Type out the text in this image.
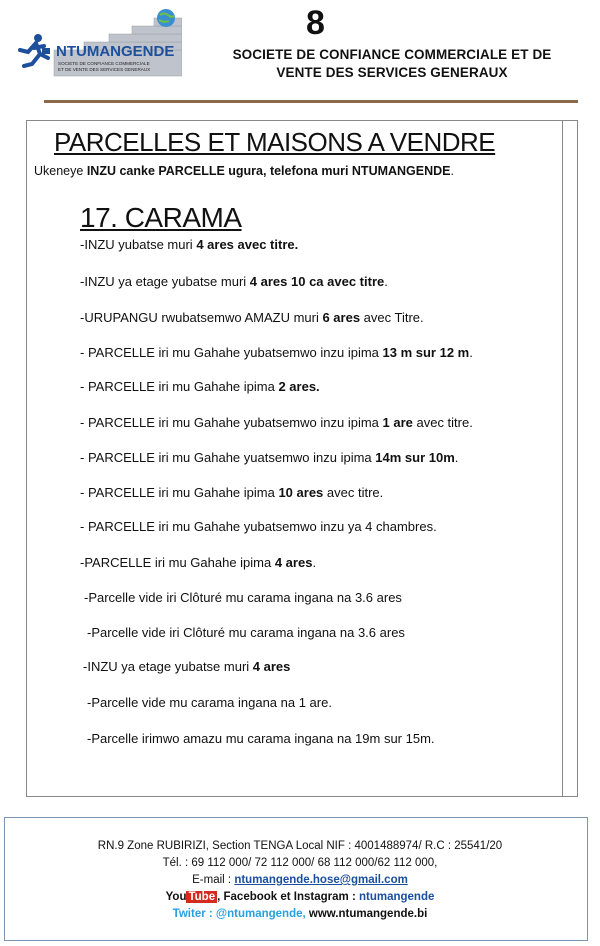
NTUMANGENDE
SOCIETE DE CONFIANCE COMMERCIALE
ET DE VENTE DES SERVICES GENERAUX
8
SOCIETE DE CONFIANCE COMMERCIALE ET DE
VENTE DES SERVICES GENERAUX
PARCELLES ET MAISONS A VENDRE
Ukeneye INZU canke PARCELLE ugura, telefona muri NTUMANGENDE.
17. CARAMA
-INZU yubatse muri 4 ares avec titre.
-INZU ya etage yubatse muri 4 ares 10 ca avec titre.
-URUPANGU rwubatsemwo AMAZU muri 6 ares avec Titre.
- PARCELLE iri mu Gahahe yubatsemwo inzu ipima 13 m sur 12 m.
- PARCELLE iri mu Gahahe ipima 2 ares.
- PARCELLE iri mu Gahahe yubatsemwo inzu ipima 1 are avec titre.
- PARCELLE iri mu Gahahe yuatsemwo inzu ipima 14m sur 10m.
- PARCELLE iri mu Gahahe ipima 10 ares avec titre.
- PARCELLE iri mu Gahahe yubatsemwo inzu ya 4 chambres.
-PARCELLE iri mu Gahahe ipima 4 ares.
-Parcelle vide iri Clôturé mu carama ingana na 3.6 ares
-Parcelle vide iri Clôturé mu carama ingana na 3.6 ares
-INZU ya etage yubatse muri 4 ares
-Parcelle vide mu carama ingana na 1 are.
-Parcelle irimwo amazu mu carama ingana na 19m sur 15m.
RN.9 Zone RUBIRIZI, Section TENGA Local NIF : 4001488974/ R.C : 25541/20
Tél. : 69 112 000/ 72 112 000/ 68 112 000/62 112 000,
E-mail : ntumangende.hose@gmail.com
You Tube , Facebook et Instagram : ntumangende
Twiter : @ntumangende, www.ntumangende.bi
